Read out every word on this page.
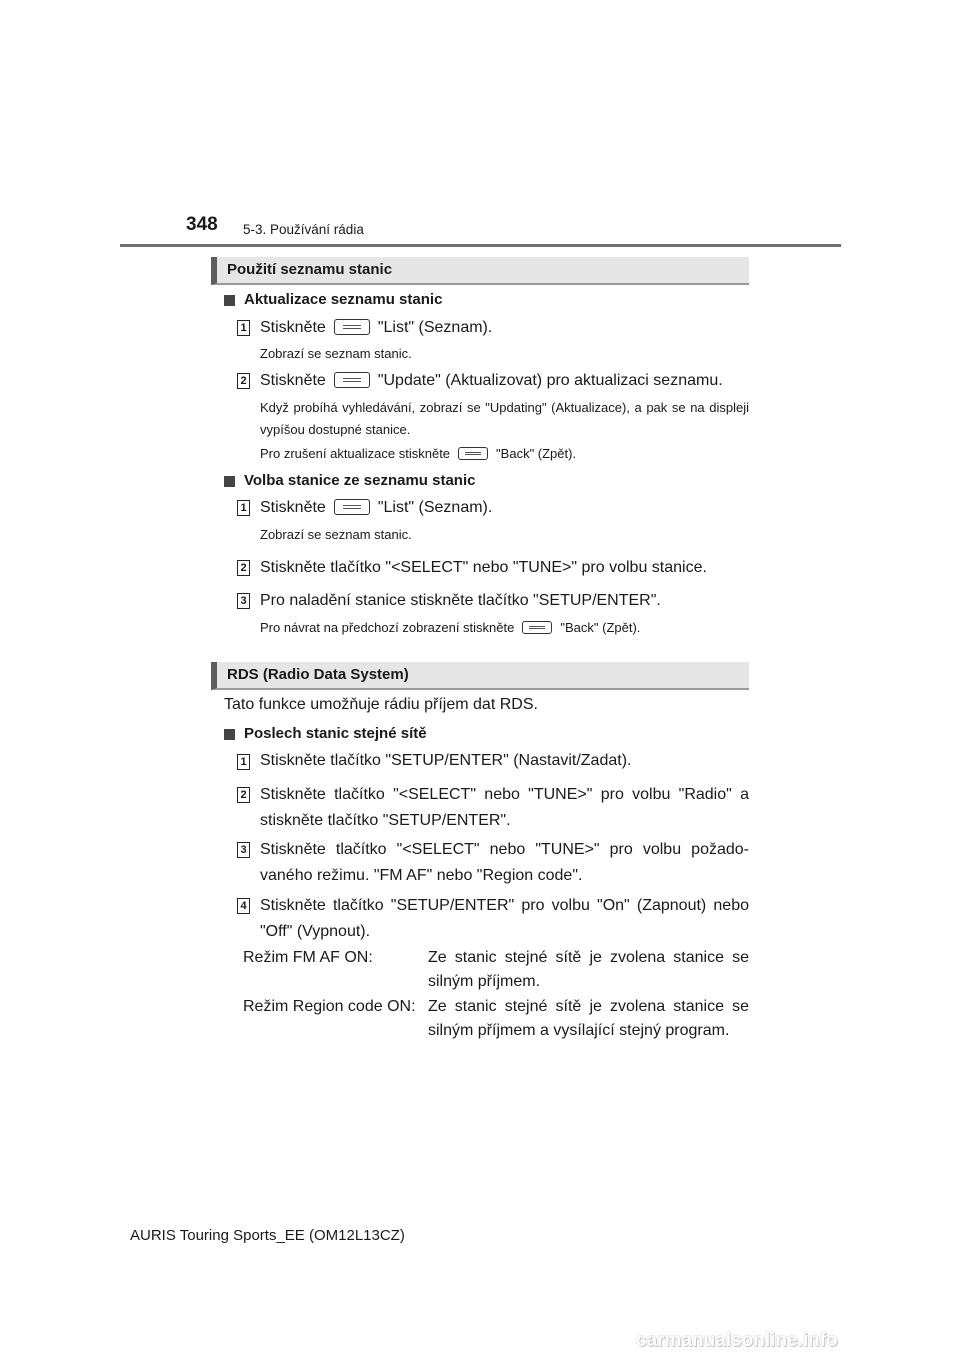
348 5-3. Používání rádia
Použití seznamu stanic
Aktualizace seznamu stanic
1 Stiskněte	"List" (Seznam).
Zobrazí se seznam stanic.
2 Stiskněte	"Update" (Aktualizovat) pro aktualizaci seznamu.
Když probíhá vyhledávání, zobrazí se "Updating" (Aktualizace), a pak se na displeji vypíšou dostupné stanice.
Pro zrušení aktualizace stiskněte	"Back" (Zpět).
Volba stanice ze seznamu stanic
1 Stiskněte	"List" (Seznam).
Zobrazí se seznam stanic.
2 Stiskněte tlačítko "<SELECT" nebo "TUNE>" pro volbu stanice.
3 Pro naladění stanice stiskněte tlačítko "SETUP/ENTER".
Pro návrat na předchozí zobrazení stiskněte	"Back" (Zpět).
RDS (Radio Data System)
Tato funkce umožňuje rádiu příjem dat RDS.
Poslech stanic stejné sítě
1 Stiskněte tlačítko "SETUP/ENTER" (Nastavit/Zadat).
2 Stiskněte tlačítko "<SELECT" nebo "TUNE>" pro volbu "Radio" a stiskněte tlačítko "SETUP/ENTER".
3 Stiskněte tlačítko "<SELECT" nebo "TUNE>" pro volbu požado-vaného režimu. "FM AF" nebo "Region code".
4 Stiskněte tlačítko "SETUP/ENTER" pro volbu "On" (Zapnout) nebo "Off" (Vypnout).
Režim FM AF ON:	Ze stanic stejné sítě je zvolena stanice se silným příjmem.
Režim Region code ON: Ze stanic stejné sítě je zvolena stanice se silným příjmem a vysílající stejný program.
AURIS Touring Sports_EE (OM12L13CZ)
carmanualsonline.info
